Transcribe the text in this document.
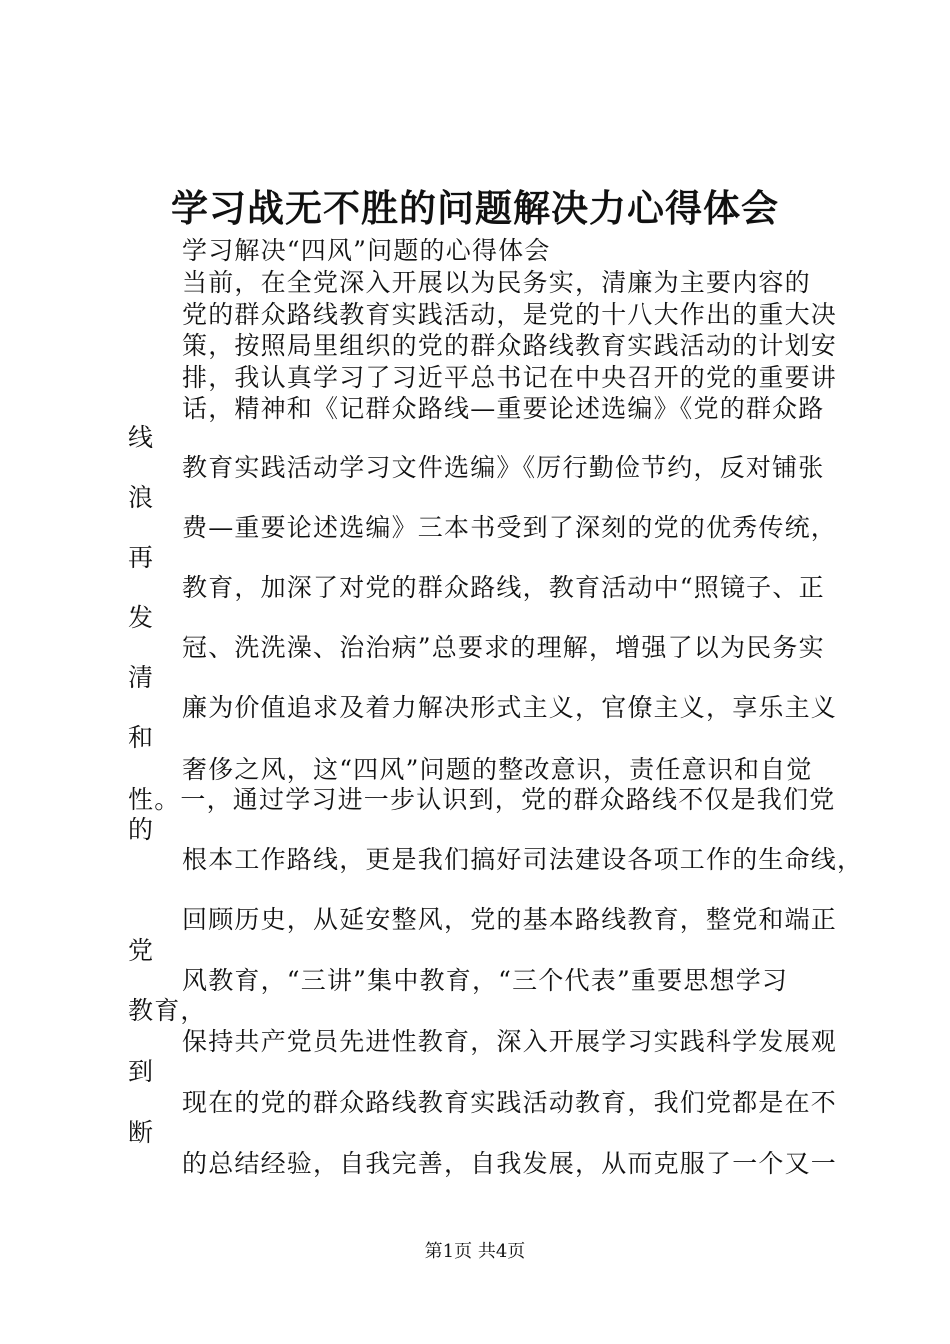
学习战无不胜的问题解决力心得体会
学习解决“四风”问题的心得体会
当前，在全党深入开展以为民务实，清廉为主要内容的
党的群众路线教育实践活动，是党的十八大作出的重大决
策，按照局里组织的党的群众路线教育实践活动的计划安
排，我认真学习了习近平总书记在中央召开的党的重要讲
话，精神和《记群众路线—重要论述选编》《党的群众路
线
教育实践活动学习文件选编》《厉行勤俭节约，反对铺张
浪
费—重要论述选编》三本书受到了深刻的党的优秀传统，
再
教育，加深了对党的群众路线，教育活动中“照镜子、正
发
冠、洗洗澡、治治病”总要求的理解，增强了以为民务实
清
廉为价值追求及着力解决形式主义，官僚主义，享乐主义
和
奢侈之风，这“四风”问题的整改意识，责任意识和自觉
性。一，通过学习进一步认识到，党的群众路线不仅是我们党
的
根本工作路线，更是我们搞好司法建设各项工作的生命线，
回顾历史，从延安整风，党的基本路线教育，整党和端正
党
风教育，“三讲”集中教育，“三个代表”重要思想学习
教育，
保持共产党员先进性教育，深入开展学习实践科学发展观
到
现在的党的群众路线教育实践活动教育，我们党都是在不
断
的总结经验，自我完善，自我发展，从而克服了一个又一
第1页 共4页
